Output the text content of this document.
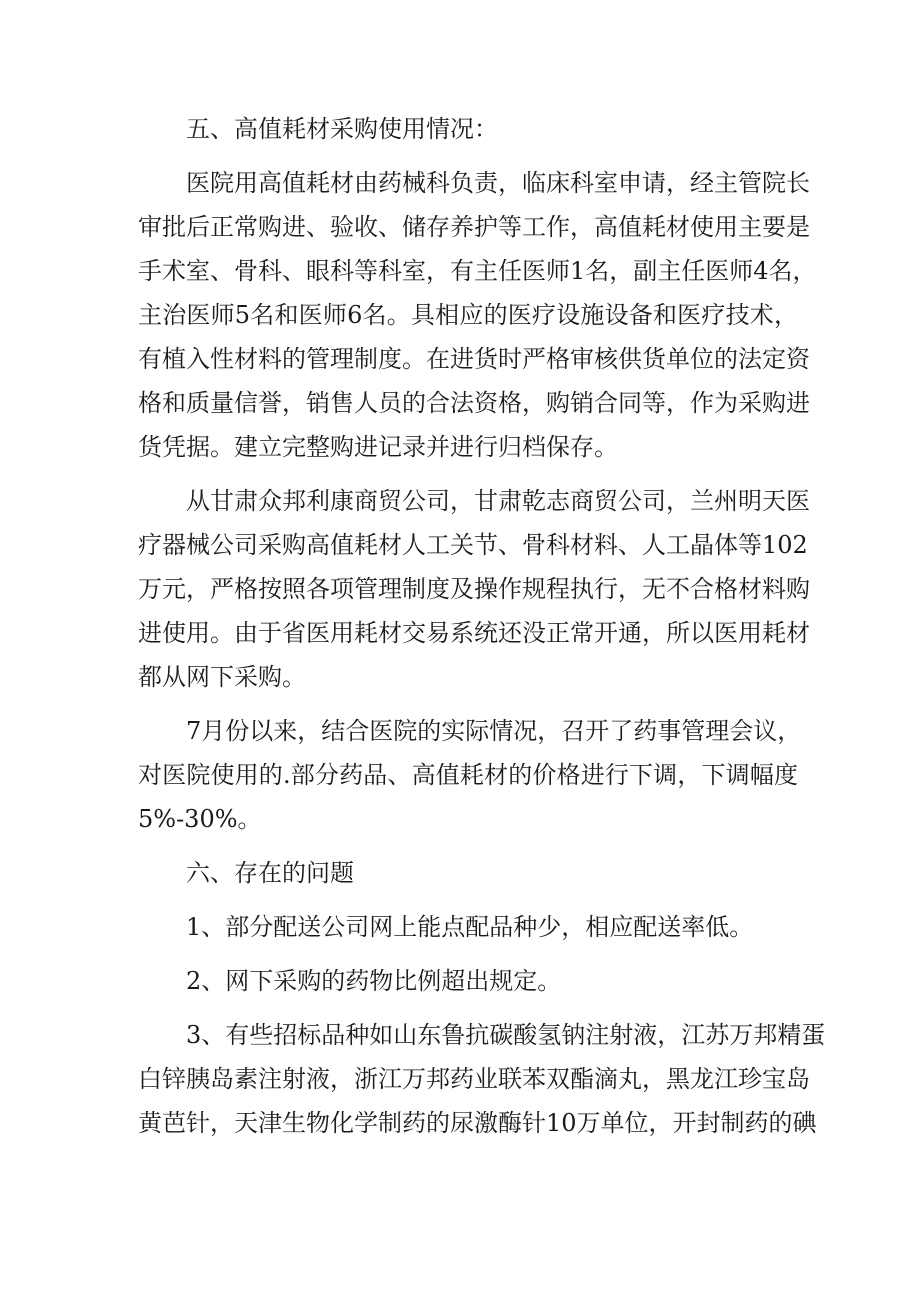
五、高值耗材采购使用情况：
医院用高值耗材由药械科负责，临床科室申请，经主管院长
审批后正常购进、验收、储存养护等工作，高值耗材使用主要是
手术室、骨科、眼科等科室，有主任医师1名，副主任医师4名，
主治医师5名和医师6名。具相应的医疗设施设备和医疗技术，
有植入性材料的管理制度。在进货时严格审核供货单位的法定资
格和质量信誉，销售人员的合法资格，购销合同等，作为采购进
货凭据。建立完整购进记录并进行归档保存。
从甘肃众邦利康商贸公司，甘肃乾志商贸公司，兰州明天医
疗器械公司采购高值耗材人工关节、骨科材料、人工晶体等102
万元，严格按照各项管理制度及操作规程执行，无不合格材料购
进使用。由于省医用耗材交易系统还没正常开通，所以医用耗材
都从网下采购。
7月份以来，结合医院的实际情况，召开了药事管理会议，
对医院使用的.部分药品、高值耗材的价格进行下调，下调幅度
5%-30%。
六、存在的问题
1、部分配送公司网上能点配品种少，相应配送率低。
2、网下采购的药物比例超出规定。
3、有些招标品种如山东鲁抗碳酸氢钠注射液，江苏万邦精蛋
白锌胰岛素注射液，浙江万邦药业联苯双酯滴丸，黑龙江珍宝岛
黄芭针，天津生物化学制药的尿激酶针10万单位，开封制药的碘
